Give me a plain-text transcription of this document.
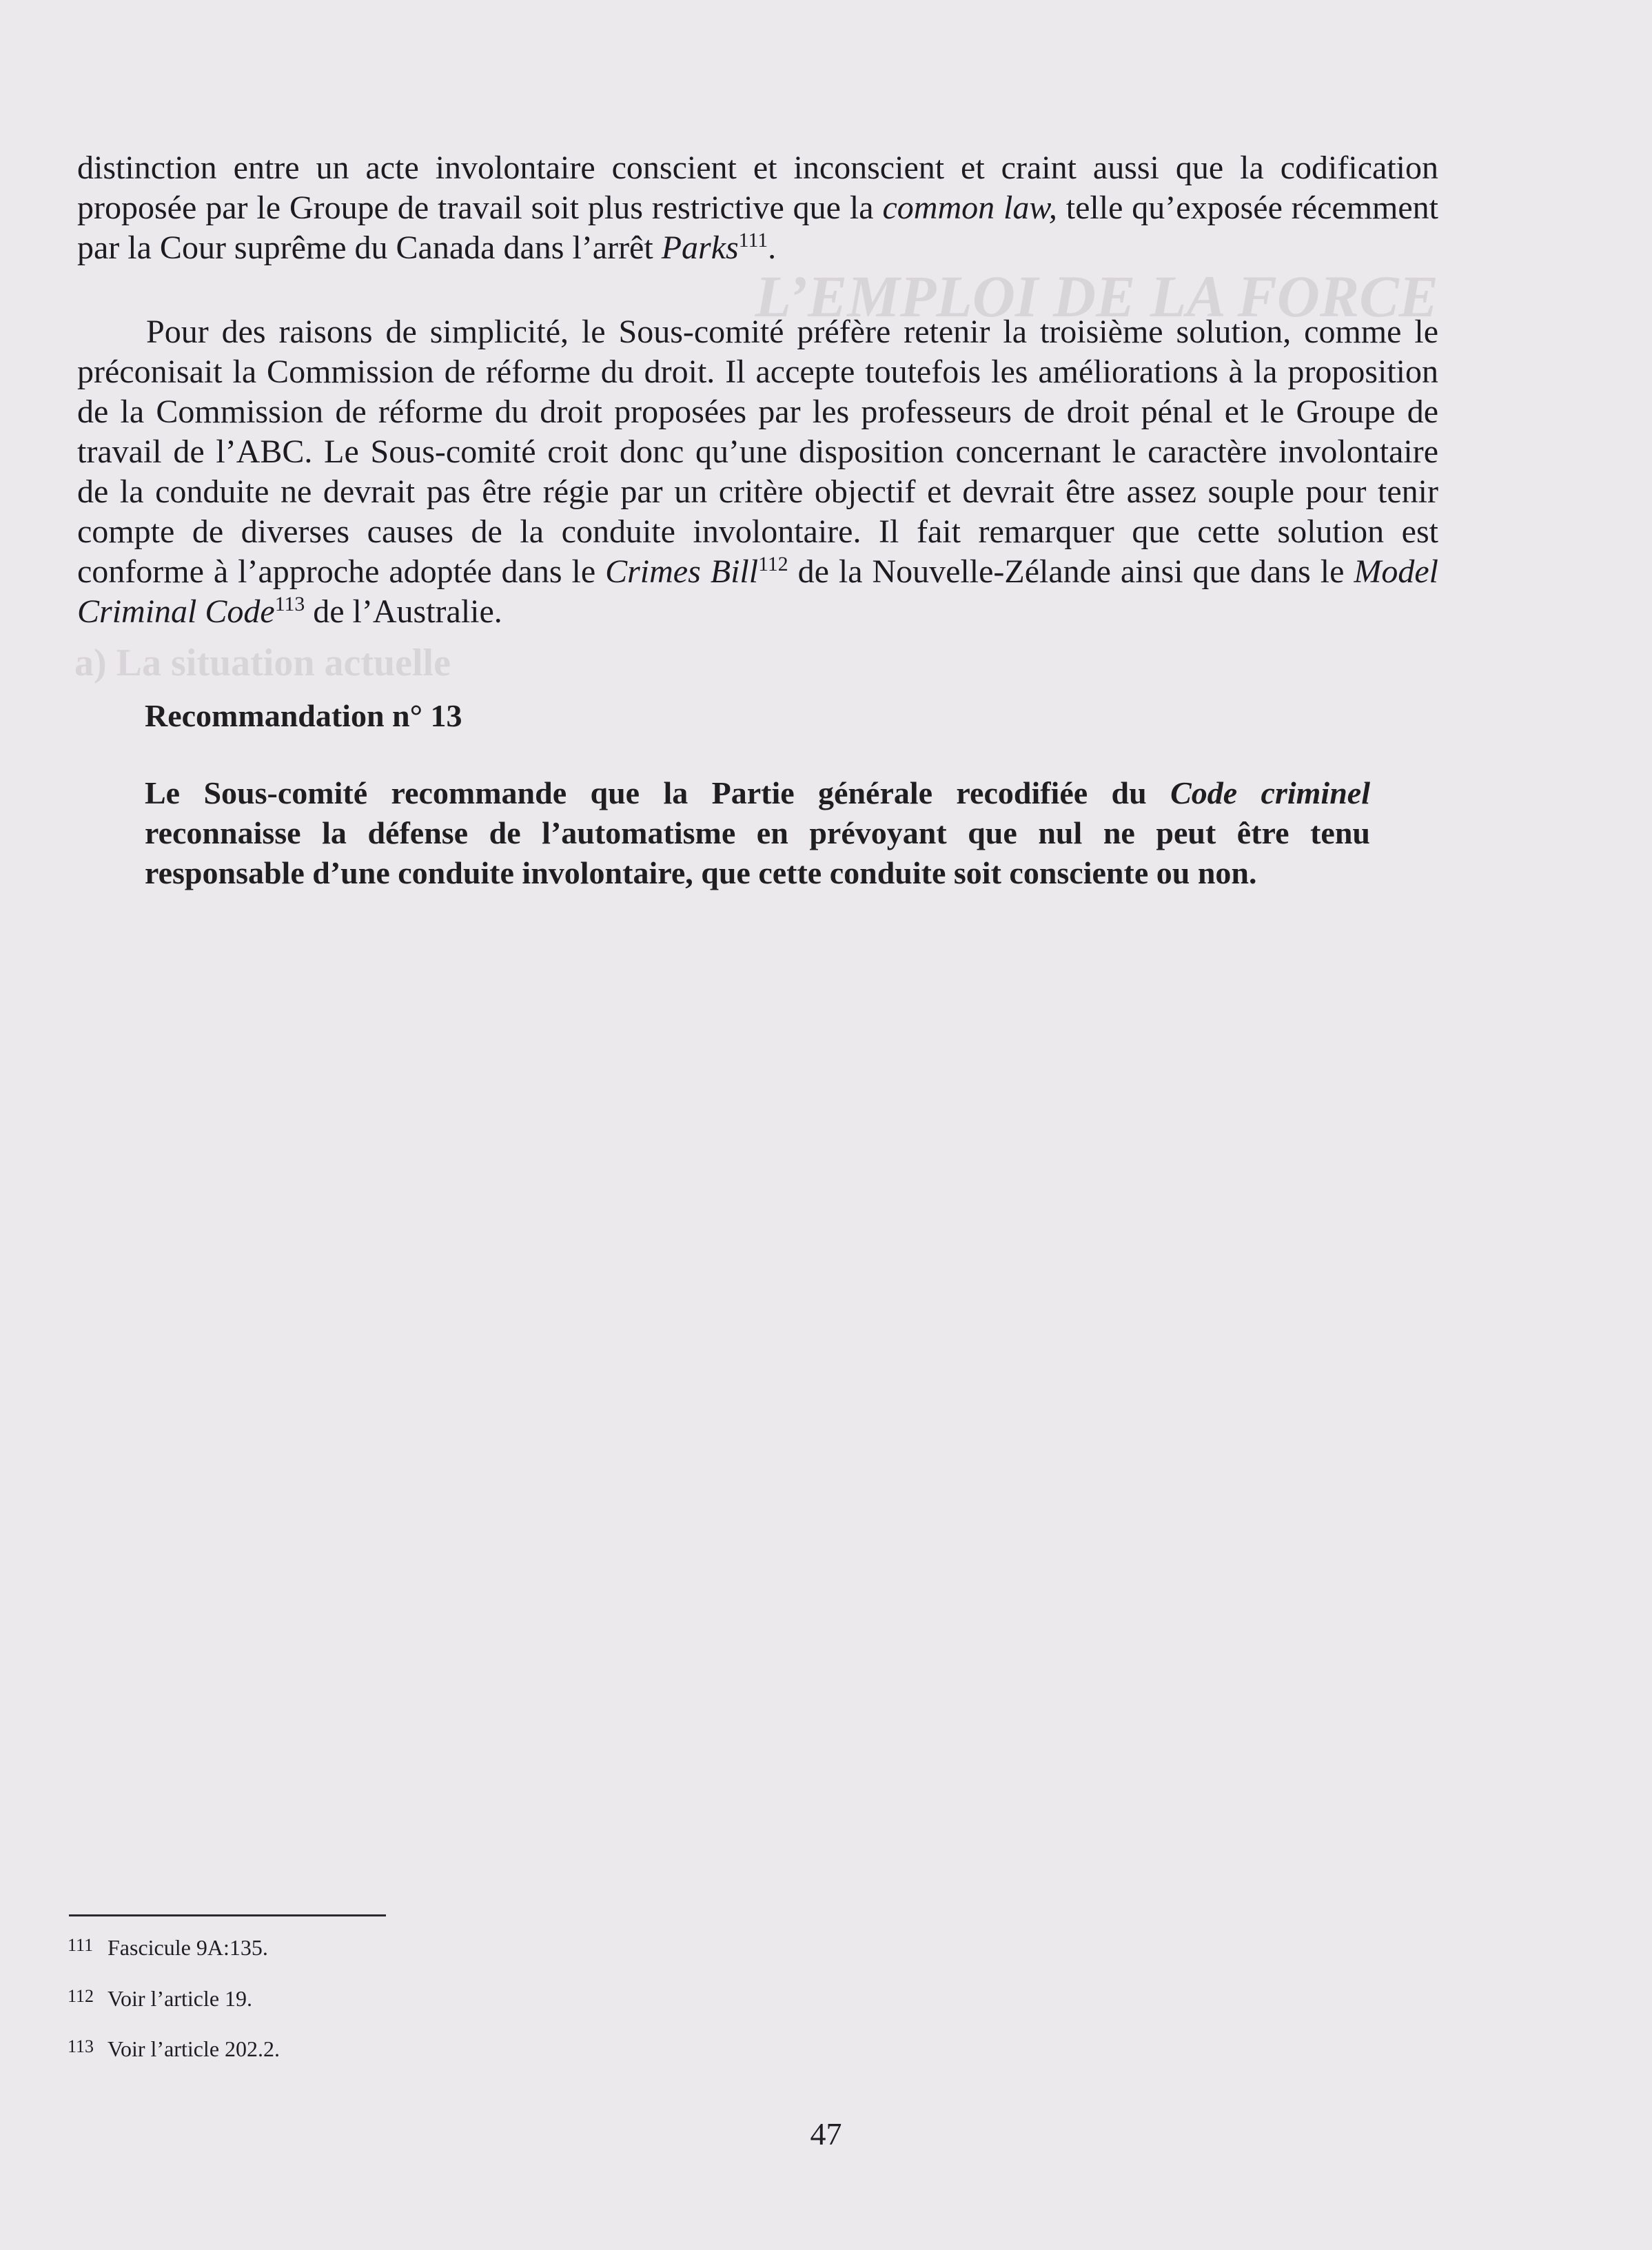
L’EMPLOI DE LA FORCE
a) La situation actuelle

distinction entre un acte involontaire conscient et inconscient et craint aussi que la codification proposée par le Groupe de travail soit plus restrictive que la common law, telle qu’exposée récemment par la Cour suprême du Canada dans l’arrêt Parks$^{111}$.

Pour des raisons de simplicité, le Sous-comité préfère retenir la troisième solution, comme le préconisait la Commission de réforme du droit. Il accepte toutefois les améliorations à la proposition de la Commission de réforme du droit proposées par les professeurs de droit pénal et le Groupe de travail de l’ABC. Le Sous-comité croit donc qu’une disposition concernant le caractère involontaire de la conduite ne devrait pas être régie par un critère objectif et devrait être assez souple pour tenir compte de diverses causes de la conduite involontaire. Il fait remarquer que cette solution est conforme à l’approche adoptée dans le Crimes Bill$^{112}$ de la Nouvelle-Zélande ainsi que dans le Model Criminal Code$^{113}$ de l’Australie.

Recommandation n° 13

Le Sous-comité recommande que la Partie générale recodifiée du Code criminel reconnaisse la défense de l’automatisme en prévoyant que nul ne peut être tenu responsable d’une conduite involontaire, que cette conduite soit consciente ou non.

111 Fascicule 9A:135.
112 Voir l’article 19.
113 Voir l’article 202.2.
47
